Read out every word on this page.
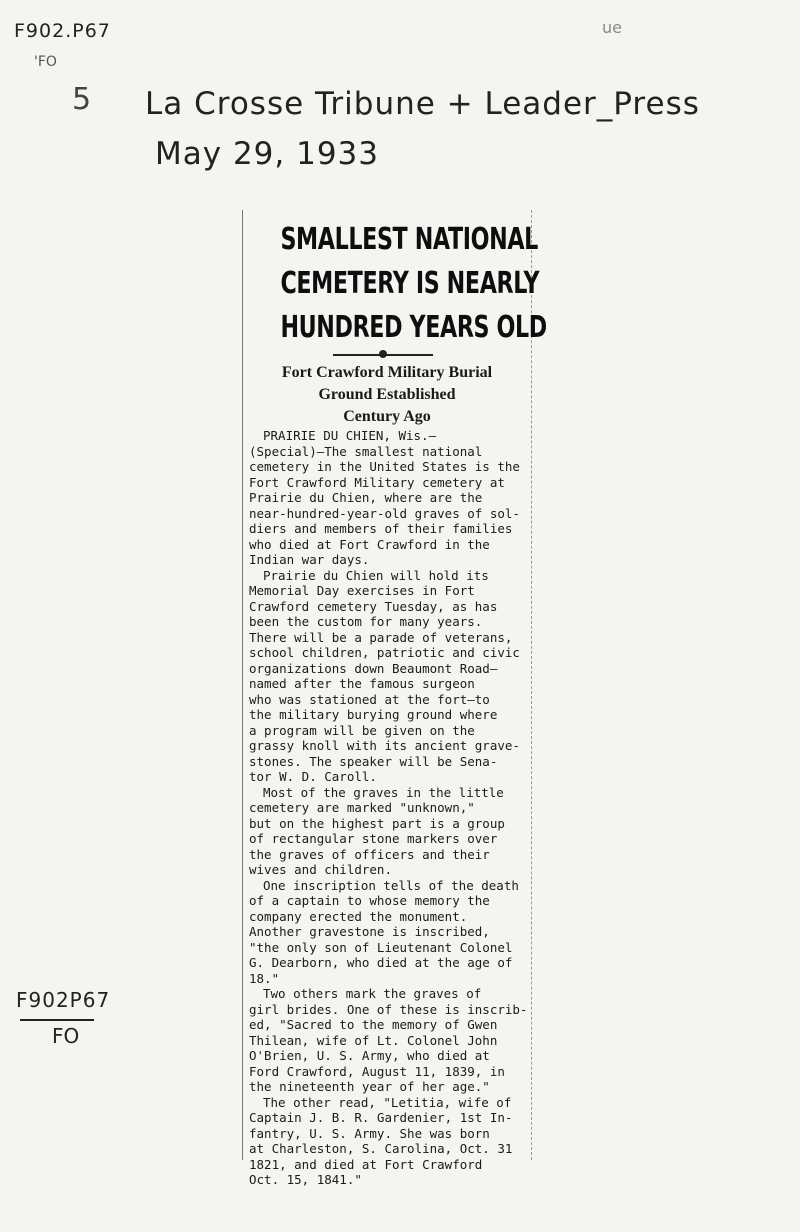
F902.P67
'FO
ue
5 La Crosse Tribune + Leader_Press
May 29, 1933
SMALLEST NATIONAL
CEMETERY IS NEARLY
HUNDRED YEARS OLD
Fort Crawford Military Burial
Ground Established
Century Ago
PRAIRIE DU CHIEN, Wis.—
(Special)—The smallest national
cemetery in the United States is the
Fort Crawford Military cemetery at
Prairie du Chien, where are the
near-hundred-year-old graves of sol-
diers and members of their families
who died at Fort Crawford in the
Indian war days.
Prairie du Chien will hold its
Memorial Day exercises in Fort
Crawford cemetery Tuesday, as has
been the custom for many years.
There will be a parade of veterans,
school children, patriotic and civic
organizations down Beaumont Road—
named after the famous surgeon
who was stationed at the fort—to
the military burying ground where
a program will be given on the
grassy knoll with its ancient grave-
stones. The speaker will be Sena-
tor W. D. Caroll.
Most of the graves in the little
cemetery are marked "unknown,"
but on the highest part is a group
of rectangular stone markers over
the graves of officers and their
wives and children.
One inscription tells of the death
of a captain to whose memory the
company erected the monument.
Another gravestone is inscribed,
"the only son of Lieutenant Colonel
G. Dearborn, who died at the age of
18."
Two others mark the graves of
girl brides. One of these is inscrib-
ed, "Sacred to the memory of Gwen
Thilean, wife of Lt. Colonel John
O'Brien, U. S. Army, who died at
Ford Crawford, August 11, 1839, in
the nineteenth year of her age."
The other read, "Letitia, wife of
Captain J. B. R. Gardenier, 1st In-
fantry, U. S. Army. She was born
at Charleston, S. Carolina, Oct. 31
1821, and died at Fort Crawford
Oct. 15, 1841."
F902P67
FO
